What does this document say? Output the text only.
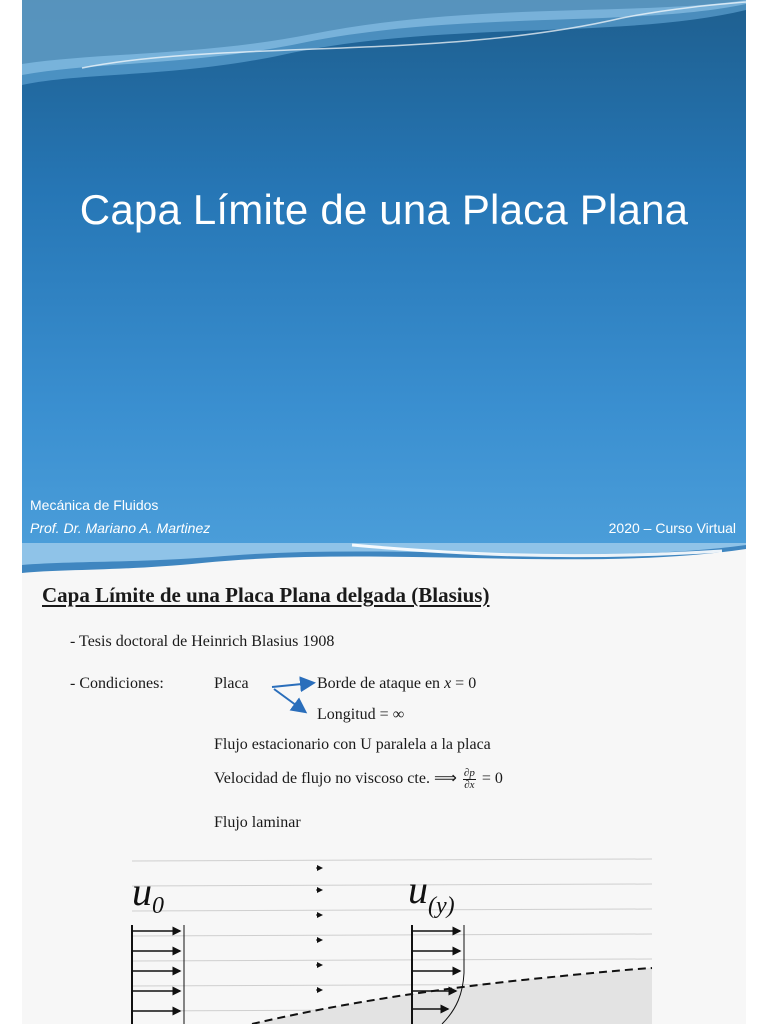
Capa Límite de una Placa Plana
Mecánica de Fluidos
Prof. Dr. Mariano A. Martinez	2020 – Curso Virtual
Capa Límite de una Placa Plana delgada (Blasius)
- Tesis doctoral de Heinrich Blasius 1908
- Condiciones:	Placa	Borde de ataque en x = 0
Longitud = ∞
Flujo estacionario con U paralela a la placa
Velocidad de flujo no viscoso cte. ⟹ $\frac{\partial p}{\partial x} = 0$
Flujo laminar
$u_0$	$u_{(y)}$
